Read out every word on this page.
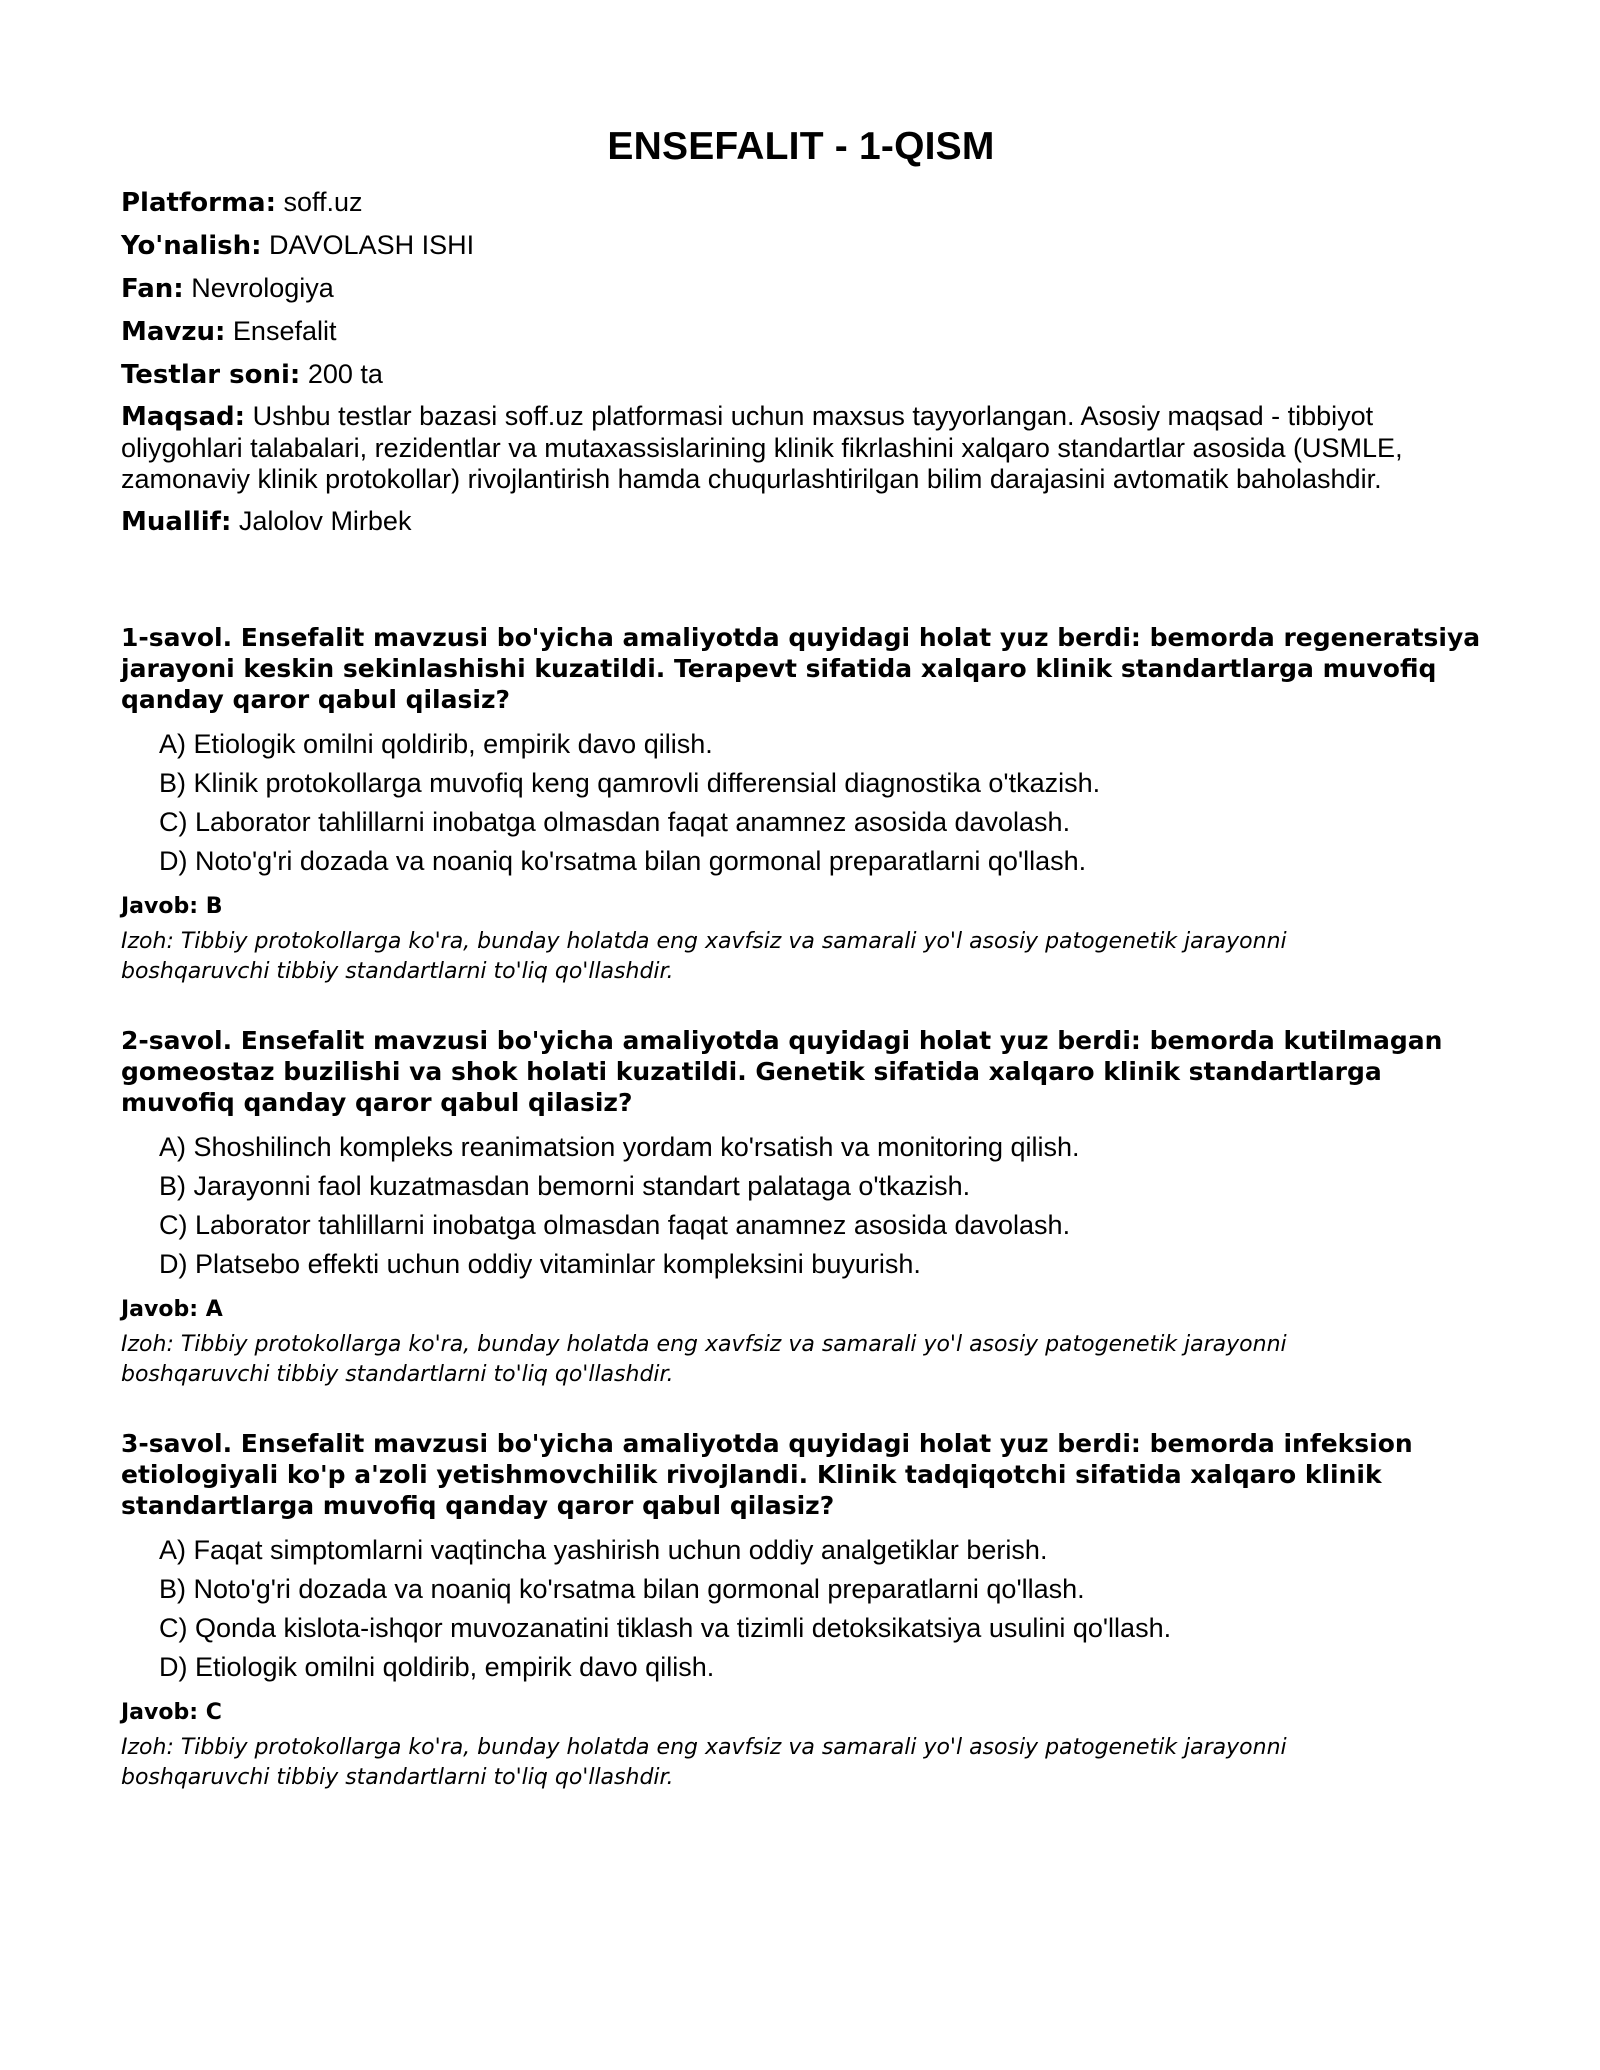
ENSEFALIT - 1-QISM

Platforma: soff.uz

Yo'nalish: DAVOLASH ISHI

Fan: Nevrologiya

Mavzu: Ensefalit

Testlar soni: 200 ta

Maqsad: Ushbu testlar bazasi soff.uz platformasi uchun maxsus tayyorlangan. Asosiy maqsad - tibbiyot oliygohlari talabalari, rezidentlar va mutaxassislarining klinik fikrlashini xalqaro standartlar asosida (USMLE, zamonaviy klinik protokollar) rivojlantirish hamda chuqurlashtirilgan bilim darajasini avtomatik baholashdir.

Muallif: Jalolov Mirbek

1-savol. Ensefalit mavzusi bo'yicha amaliyotda quyidagi holat yuz berdi: bemorda regeneratsiya jarayoni keskin sekinlashishi kuzatildi. Terapevt sifatida xalqaro klinik standartlarga muvofiq qanday qaror qabul qilasiz?
A) Etiologik omilni qoldirib, empirik davo qilish.
B) Klinik protokollarga muvofiq keng qamrovli differensial diagnostika o'tkazish.
C) Laborator tahlillarni inobatga olmasdan faqat anamnez asosida davolash.
D) Noto'g'ri dozada va noaniq ko'rsatma bilan gormonal preparatlarni qo'llash.
Javob: B
Izoh: Tibbiy protokollarga ko'ra, bunday holatda eng xavfsiz va samarali yo'l asosiy patogenetik jarayonni boshqaruvchi tibbiy standartlarni to'liq qo'llashdir.
2-savol. Ensefalit mavzusi bo'yicha amaliyotda quyidagi holat yuz berdi: bemorda kutilmagan gomeostaz buzilishi va shok holati kuzatildi. Genetik sifatida xalqaro klinik standartlarga muvofiq qanday qaror qabul qilasiz?
A) Shoshilinch kompleks reanimatsion yordam ko'rsatish va monitoring qilish.
B) Jarayonni faol kuzatmasdan bemorni standart palataga o'tkazish.
C) Laborator tahlillarni inobatga olmasdan faqat anamnez asosida davolash.
D) Platsebo effekti uchun oddiy vitaminlar kompleksini buyurish.
Javob: A
Izoh: Tibbiy protokollarga ko'ra, bunday holatda eng xavfsiz va samarali yo'l asosiy patogenetik jarayonni boshqaruvchi tibbiy standartlarni to'liq qo'llashdir.
3-savol. Ensefalit mavzusi bo'yicha amaliyotda quyidagi holat yuz berdi: bemorda infeksion etiologiyali ko'p a'zoli yetishmovchilik rivojlandi. Klinik tadqiqotchi sifatida xalqaro klinik standartlarga muvofiq qanday qaror qabul qilasiz?
A) Faqat simptomlarni vaqtincha yashirish uchun oddiy analgetiklar berish.
B) Noto'g'ri dozada va noaniq ko'rsatma bilan gormonal preparatlarni qo'llash.
C) Qonda kislota-ishqor muvozanatini tiklash va tizimli detoksikatsiya usulini qo'llash.
D) Etiologik omilni qoldirib, empirik davo qilish.
Javob: C
Izoh: Tibbiy protokollarga ko'ra, bunday holatda eng xavfsiz va samarali yo'l asosiy patogenetik jarayonni boshqaruvchi tibbiy standartlarni to'liq qo'llashdir.
